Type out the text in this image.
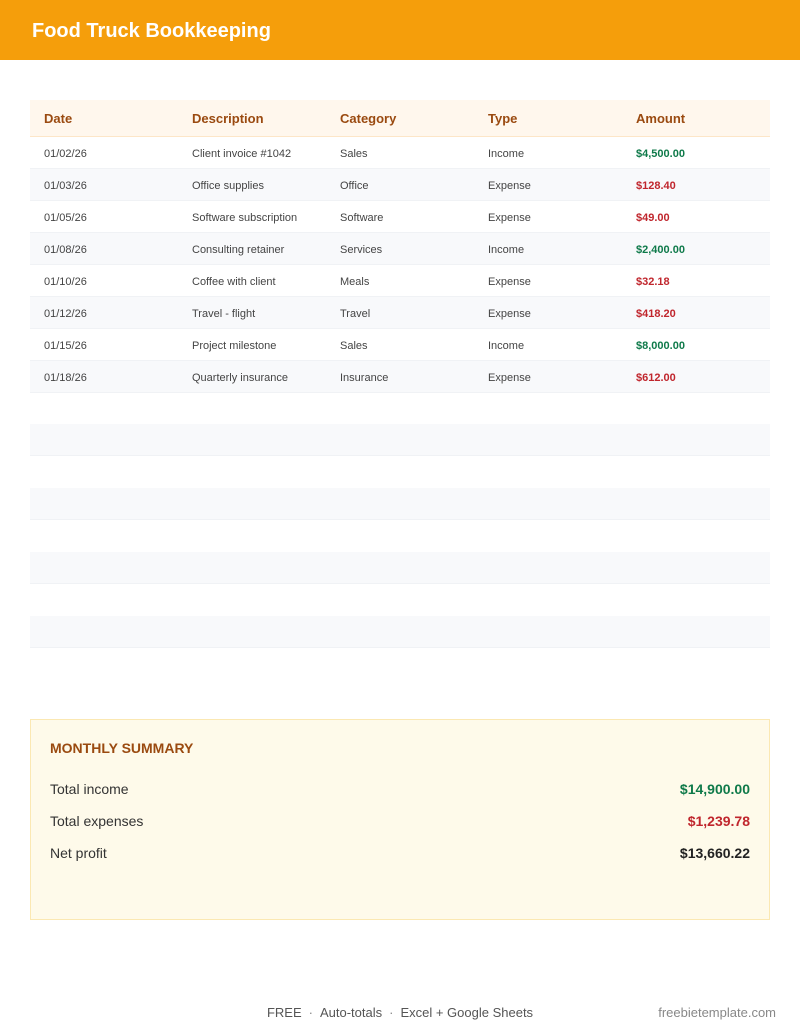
Food Truck Bookkeeping
Date	Description	Category	Type	Amount
01/02/26	Client invoice #1042	Sales	Income	$4,500.00
01/03/26	Office supplies	Office	Expense	$128.40
01/05/26	Software subscription	Software	Expense	$49.00
01/08/26	Consulting retainer	Services	Income	$2,400.00
01/10/26	Coffee with client	Meals	Expense	$32.18
01/12/26	Travel - flight	Travel	Expense	$418.20
01/15/26	Project milestone	Sales	Income	$8,000.00
01/18/26	Quarterly insurance	Insurance	Expense	$612.00
MONTHLY SUMMARY
Total income	$14,900.00
Total expenses	$1,239.78
Net profit	$13,660.22
FREE · Auto-totals · Excel + Google Sheets	freebietemplate.com
